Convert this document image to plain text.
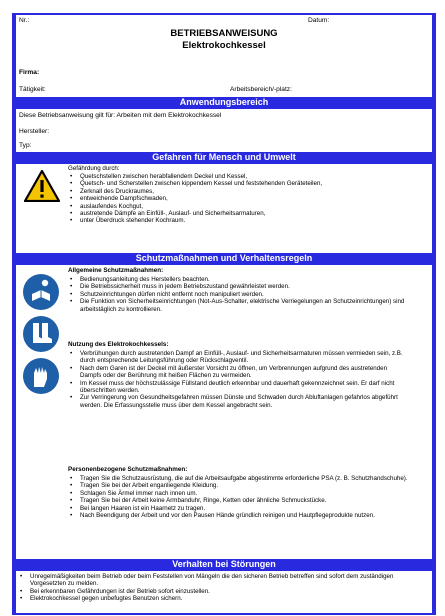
Nr.:	Datum:
BETRIEBSANWEISUNG
Elektrokochkessel
Firma:
Tätigkeit:	Arbeitsbereich/-platz:
Anwendungsbereich
Diese Betriebsanweisung gilt für: Arbeiten mit dem Elektrokochkessel
Hersteller:
Typ:
Gefahren für Mensch und Umwelt
Gefährdung durch:
• Quetschstellen zwischen herabfallendem Deckel und Kessel,
• Quetsch- und Scherstellen zwischen kippendem Kessel und feststehenden Geräteteilen,
• Zerknall des Druckraumes,
• entweichende Dampfschwaden,
• auslaufendes Kochgut,
• austretende Dämpfe an Einfüll-, Auslauf- und Sicherheitsarmaturen,
• unter Überdruck stehender Kochraum.
Schutzmaßnahmen und Verhaltensregeln
Allgemeine Schutzmaßnahmen:
• Bedienungsanleitung des Herstellers beachten.
• Die Betriebssicherheit muss in jedem Betriebszustand gewährleistet werden.
• Schutzeinrichtungen dürfen nicht entfernt noch manipuliert werden.
• Die Funktion von Sicherheitseinrichtungen (Not-Aus-Schalter, elektrische Verriegelungen an Schutzeinrichtungen) sind arbeitstäglich zu kontrollieren.
Nutzung des Elektrokochkessels:
• Verbrühungen durch austretenden Dampf an Einfüll-, Auslauf- und Sicherheitsarmaturen müssen vermieden sein, z.B. durch entsprechende Leitungsführung oder Rückschlagventil.
• Nach dem Garen ist der Deckel mit äußerster Vorsicht zu öffnen, um Verbrennungen aufgrund des austretenden Dampfs oder der Berührung mit heißen Flächen zu vermeiden.
• Im Kessel muss der höchstzulässige Füllstand deutlich erkennbar und dauerhaft gekennzeichnet sein. Er darf nicht überschritten werden.
• Zur Verringerung von Gesundheitsgefahren müssen Dünste und Schwaden durch Abluftanlagen gefahrlos abgeführt werden. Die Erfassungsstelle muss über dem Kessel angebracht sein.
Personenbezogene Schutzmaßnahmen:
• Tragen Sie die Schutzausrüstung, die auf die Arbeitsaufgabe abgestimmte erforderliche PSA (z. B. Schutzhandschuhe).
• Tragen Sie bei der Arbeit enganliegende Kleidung.
• Schlagen Sie Ärmel immer nach innen um.
• Tragen Sie bei der Arbeit keine Armbanduhr, Ringe, Ketten oder ähnliche Schmuckstücke.
• Bei langen Haaren ist ein Haarnetz zu tragen.
• Nach Beendigung der Arbeit und vor den Pausen Hände gründlich reinigen und Hautpflegeprodukte nutzen.
Verhalten bei Störungen
• Unregelmäßigkeiten beim Betrieb oder beim Feststellen von Mängeln die den sicheren Betrieb betreffen sind sofort dem zuständigen Vorgesetzten zu melden.
• Bei erkennbaren Gefährdungen ist der Betrieb sofort einzustellen.
• Elektrokochkessel gegen unbefugtes Benutzen sichern.
